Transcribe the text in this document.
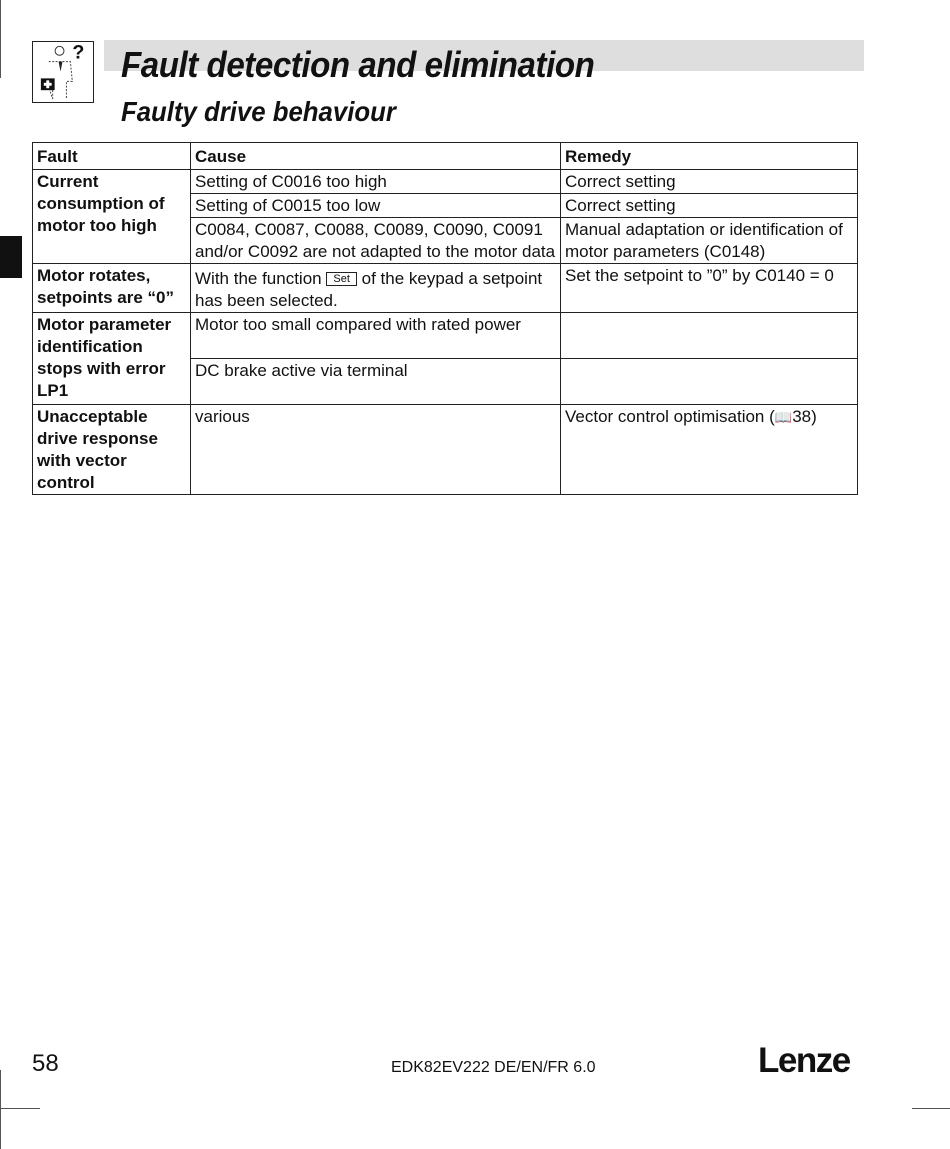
? Fault detection and elimination
Faulty drive behaviour
Fault	Cause	Remedy
Current consumption of motor too high	Setting of C0016 too high	Correct setting
	Setting of C0015 too low	Correct setting
	C0084, C0087, C0088, C0089, C0090, C0091 and/or C0092 are not adapted to the motor data	Manual adaptation or identification of motor parameters (C0148)
Motor rotates, setpoints are “0”	With the function Set of the keypad a setpoint has been selected.	Set the setpoint to ”0” by C0140 = 0
Motor parameter identification stops with error LP1	Motor too small compared with rated power	
	DC brake active via terminal	
Unacceptable drive response with vector control	various	Vector control optimisation (📖38)
58	EDK82EV222 DE/EN/FR 6.0	Lenze
